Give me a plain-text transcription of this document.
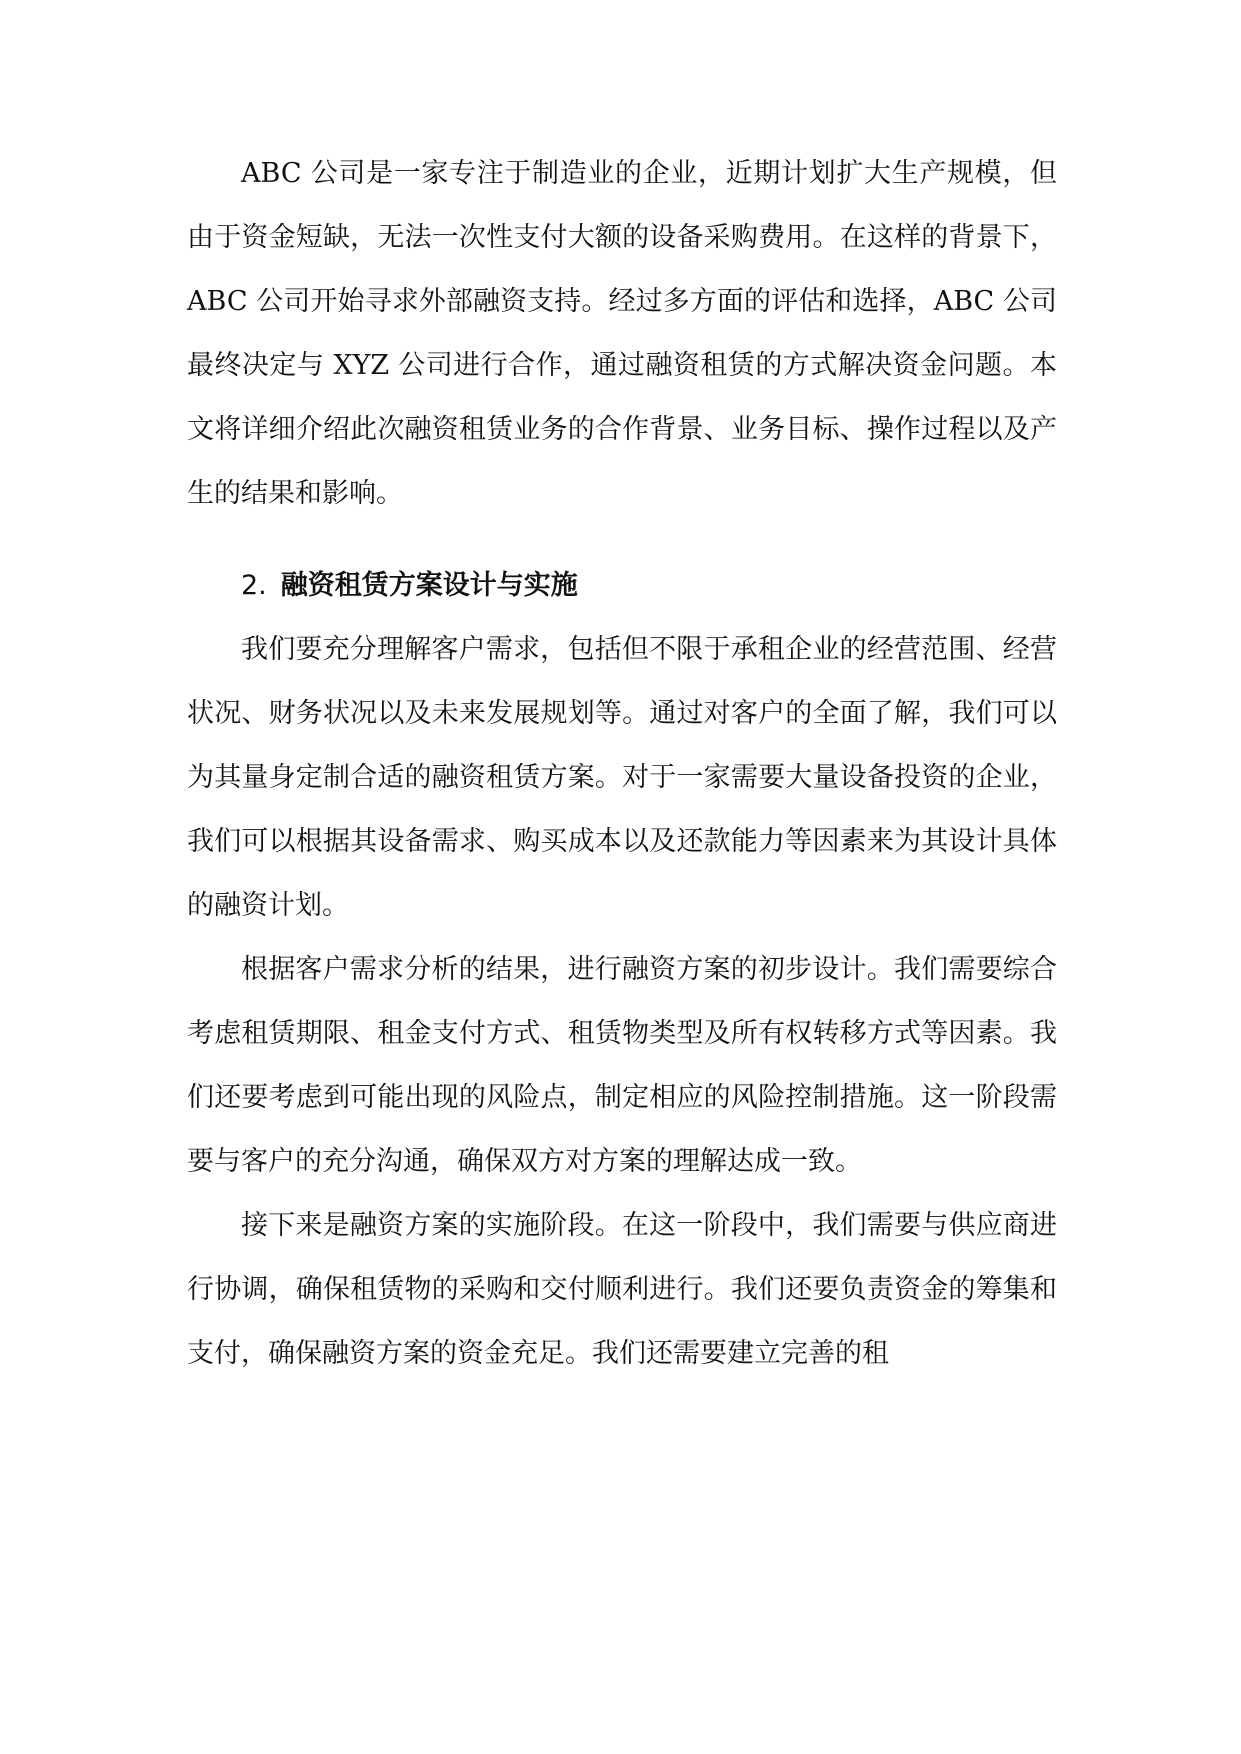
ABC 公司是一家专注于制造业的企业，近期计划扩大生产规模，但由于资金短缺，无法一次性支付大额的设备采购费用。在这样的背景下，ABC 公司开始寻求外部融资支持。经过多方面的评估和选择，ABC 公司最终决定与 XYZ 公司进行合作，通过融资租赁的方式解决资金问题。本文将详细介绍此次融资租赁业务的合作背景、业务目标、操作过程以及产生的结果和影响。

2. 融资租赁方案设计与实施

我们要充分理解客户需求，包括但不限于承租企业的经营范围、经营状况、财务状况以及未来发展规划等。通过对客户的全面了解，我们可以为其量身定制合适的融资租赁方案。对于一家需要大量设备投资的企业，我们可以根据其设备需求、购买成本以及还款能力等因素来为其设计具体的融资计划。

根据客户需求分析的结果，进行融资方案的初步设计。我们需要综合考虑租赁期限、租金支付方式、租赁物类型及所有权转移方式等因素。我们还要考虑到可能出现的风险点，制定相应的风险控制措施。这一阶段需要与客户的充分沟通，确保双方对方案的理解达成一致。

接下来是融资方案的实施阶段。在这一阶段中，我们需要与供应商进行协调，确保租赁物的采购和交付顺利进行。我们还要负责资金的筹集和支付，确保融资方案的资金充足。我们还需要建立完善的租
